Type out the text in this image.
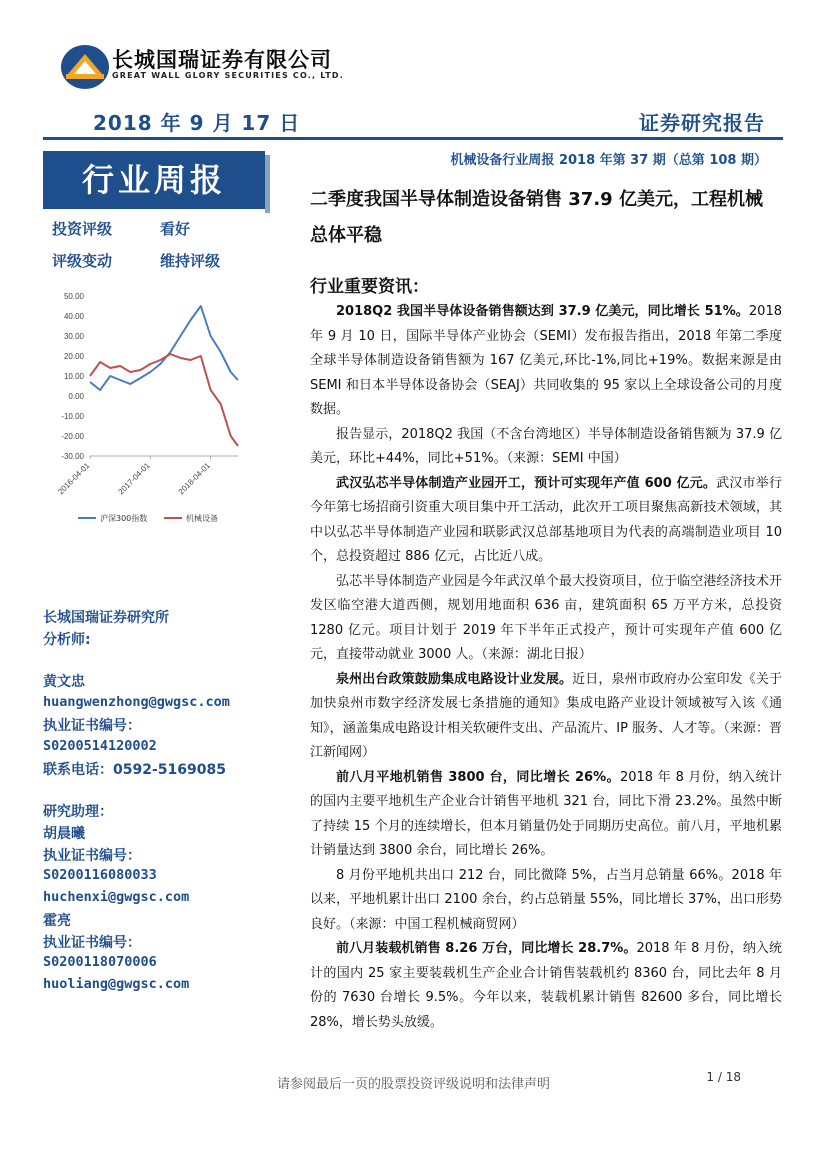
长城国瑞证券有限公司
GREAT WALL GLORY SECURITIES CO., LTD.
2018 年 9 月 17 日	证券研究报告
机械设备行业周报 2018 年第 37 期（总第 108 期）
行业周报
投资评级	看好
评级变动	维持评级
50.00
40.00
30.00
20.00
10.00
0.00
-10.00
-20.00
-30.00
2016-04-01	2017-04-01	2018-04-01
沪深300指数	机械设备
长城国瑞证券研究所
分析师:
黄文忠
huangwenzhong@gwgsc.com
执业证书编号：
S0200514120002
联系电话：0592-5169085
研究助理：
胡晨曦
执业证书编号：
S0200116080033
huchenxi@gwgsc.com
霍亮
执业证书编号：
S0200118070006
huoliang@gwgsc.com
二季度我国半导体制造设备销售 37.9 亿美元，工程机械总体平稳
行业重要资讯：

2018Q2 我国半导体设备销售额达到 37.9 亿美元，同比增长 51%。2018 年 9 月 10 日，国际半导体产业协会（SEMI）发布报告指出，2018 年第二季度全球半导体制造设备销售额为 167 亿美元,环比-1%,同比+19%。数据来源是由 SEMI 和日本半导体设备协会（SEAJ）共同收集的 95 家以上全球设备公司的月度数据。

报告显示，2018Q2 我国（不含台湾地区）半导体制造设备销售额为 37.9 亿美元，环比+44%，同比+51%。（来源：SEMI 中国）

武汉弘芯半导体制造产业园开工，预计可实现年产值 600 亿元。武汉市举行今年第七场招商引资重大项目集中开工活动，此次开工项目聚焦高新技术领域，其中以弘芯半导体制造产业园和联影武汉总部基地项目为代表的高端制造业项目 10 个，总投资超过 886 亿元，占比近八成。

弘芯半导体制造产业园是今年武汉单个最大投资项目，位于临空港经济技术开发区临空港大道西侧，规划用地面积 636 亩，建筑面积 65 万平方米，总投资 1280 亿元。项目计划于 2019 年下半年正式投产，预计可实现年产值 600 亿元，直接带动就业 3000 人。（来源：湖北日报）

泉州出台政策鼓励集成电路设计业发展。近日，泉州市政府办公室印发《关于加快泉州市数字经济发展七条措施的通知》集成电路产业设计领域被写入该《通知》，涵盖集成电路设计相关软硬件支出、产品流片、IP 服务、人才等。（来源：晋江新闻网）

前八月平地机销售 3800 台，同比增长 26%。2018 年 8 月份，纳入统计的国内主要平地机生产企业合计销售平地机 321 台，同比下滑 23.2%。虽然中断了持续 15 个月的连续增长，但本月销量仍处于同期历史高位。前八月，平地机累计销量达到 3800 余台，同比增长 26%。

8 月份平地机共出口 212 台，同比微降 5%，占当月总销量 66%。2018 年以来，平地机累计出口 2100 余台，约占总销量 55%，同比增长 37%，出口形势良好。（来源：中国工程机械商贸网）

前八月装载机销售 8.26 万台，同比增长 28.7%。2018 年 8 月份，纳入统计的国内 25 家主要装载机生产企业合计销售装载机约 8360 台，同比去年 8 月份的 7630 台增长 9.5%。今年以来，装载机累计销售 82600 多台，同比增长 28%，增长势头放缓。

请参阅最后一页的股票投资评级说明和法律声明	1 / 18
